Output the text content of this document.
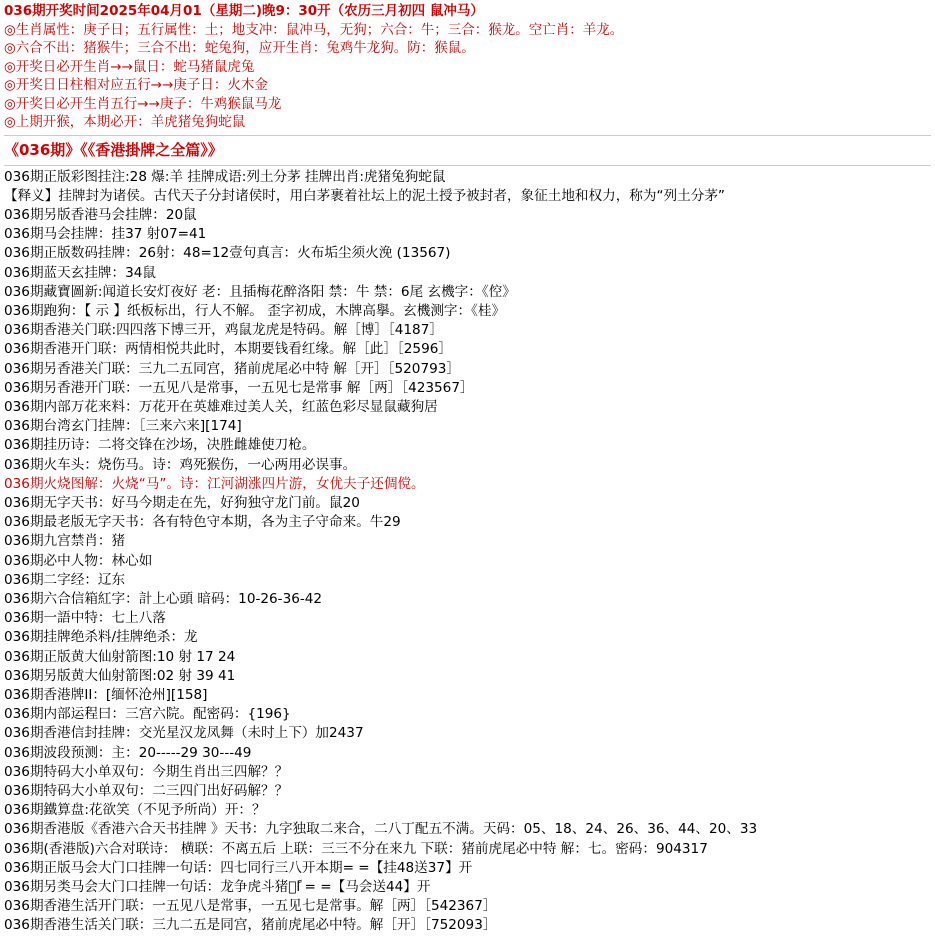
036期开奖时间2025年04月01（星期二)晚9：30开（农历三月初四 鼠冲马）
◎生肖属性：庚子日；五行属性：土；地支冲：鼠冲马，无狗；六合：牛；三合：猴龙。空亡肖：羊龙。
◎六合不出：猪猴牛；三合不出：蛇兔狗，应开生肖：兔鸡牛龙狗。防：猴鼠。
◎开奖日必开生肖→→鼠日：蛇马猪鼠虎兔
◎开奖日日柱相对应五行→→庚子日：火木金
◎开奖日必开生肖五行→→庚子：牛鸡猴鼠马龙
◎上期开猴，本期必开：羊虎猪兔狗蛇鼠
《036期》《《香港掛牌之全篇》》
036期正版彩图挂注:28 爆:羊 挂牌成语:列土分茅 挂牌出肖:虎猪兔狗蛇鼠
【释义】挂牌封为诸侯。古代天子分封诸侯时，用白茅裹着社坛上的泥土授予被封者，象征土地和权力，称为“列土分茅”
036期另版香港马会挂牌：20鼠
036期马会挂牌：挂37 射07=41
036期正版数码挂牌：26射：48=12壹句真言：火布垢尘须火浼 (13567)
036期蓝天玄挂牌：34鼠
036期藏寶圖新:闻道长安灯夜好 老：且插梅花醉洛阳 禁：牛 禁：6尾 玄機字：《倥》
036期跑狗：【 示 】纸板标出，行人不解。 歪字初成，木牌高擧。玄機测字：《桂》
036期香港关门联:四四落下博三开，鸡鼠龙虎是特码。解［博］［4187］
036期香港开门联：两情相悦共此时，本期要钱看红缘。解［此］［2596］
036期另香港关门联：三九二五同宫，猪前虎尾必中特 解［开］［520793］
036期另香港开门联：一五见八是常事，一五见七是常事 解［两］［423567］
036期内部万花来料：万花开在英雄难过美人关，红蓝色彩尽显鼠藏狗居
036期台湾玄门挂牌：［三来六来][174]
036期挂历诗：二将交锋在沙场，决胜雌雄使刀枪。
036期火车头：烧伤马。诗：鸡死猴伤，一心两用必误事。
036期火烧图解：火烧“马”。诗：江河湖涨四片游，女优夫子还倜傥。
036期无字天书：好马今期走在先，好狗独守龙门前。鼠20
036期最老版无字天书：各有特色守本期，各为主子守命来。牛29
036期九宫禁肖：猪
036期必中人物：林心如
036期二字经：辽东
036期六合信箱紅字：計上心頭 暗码：10-26-36-42
036期一語中特：七上八落
036期挂牌绝杀料/挂牌绝杀：龙
036期正版黄大仙射箭图:10 射 17 24
036期另版黄大仙射箭图:02 射 39 41
036期香港牌II：[缅怀沧州][158]
036期内部运程曰：三宫六院。配密码：{196}
036期香港信封挂牌：交光星汉龙凤舞（未时上下）加2437
036期波段预测：主：20-----29 30---49
036期特码大小单双句：今期生肖出三四解？？
036期特码大小单双句：二三四门出好码解？？
036期鐵算盘:花欲笑（不见予所尚）开：？
036期香港版《香港六合天书挂牌 》天书：九字独取二来合，二八丁配五不满。天码：05、18、24、26、36、44、20、33
036期(香港版)六合对联诗： 横联：不离五后 上联：三三不分在来九 下联：猪前虎尾必中特 解：七。密码：904317
036期正版马会大门口挂牌一句话：四七同行三八开本期= =【挂48送37】开
036期另类马会大门口挂牌一句话：龙争虎斗猪猴ًا = =【马会送44】开
036期香港生活开门联：一五见八是常事，一五见七是常事。解［两］［542367］
036期香港生活关门联：三九二五是同宫，猪前虎尾必中特。解［开］［752093］
